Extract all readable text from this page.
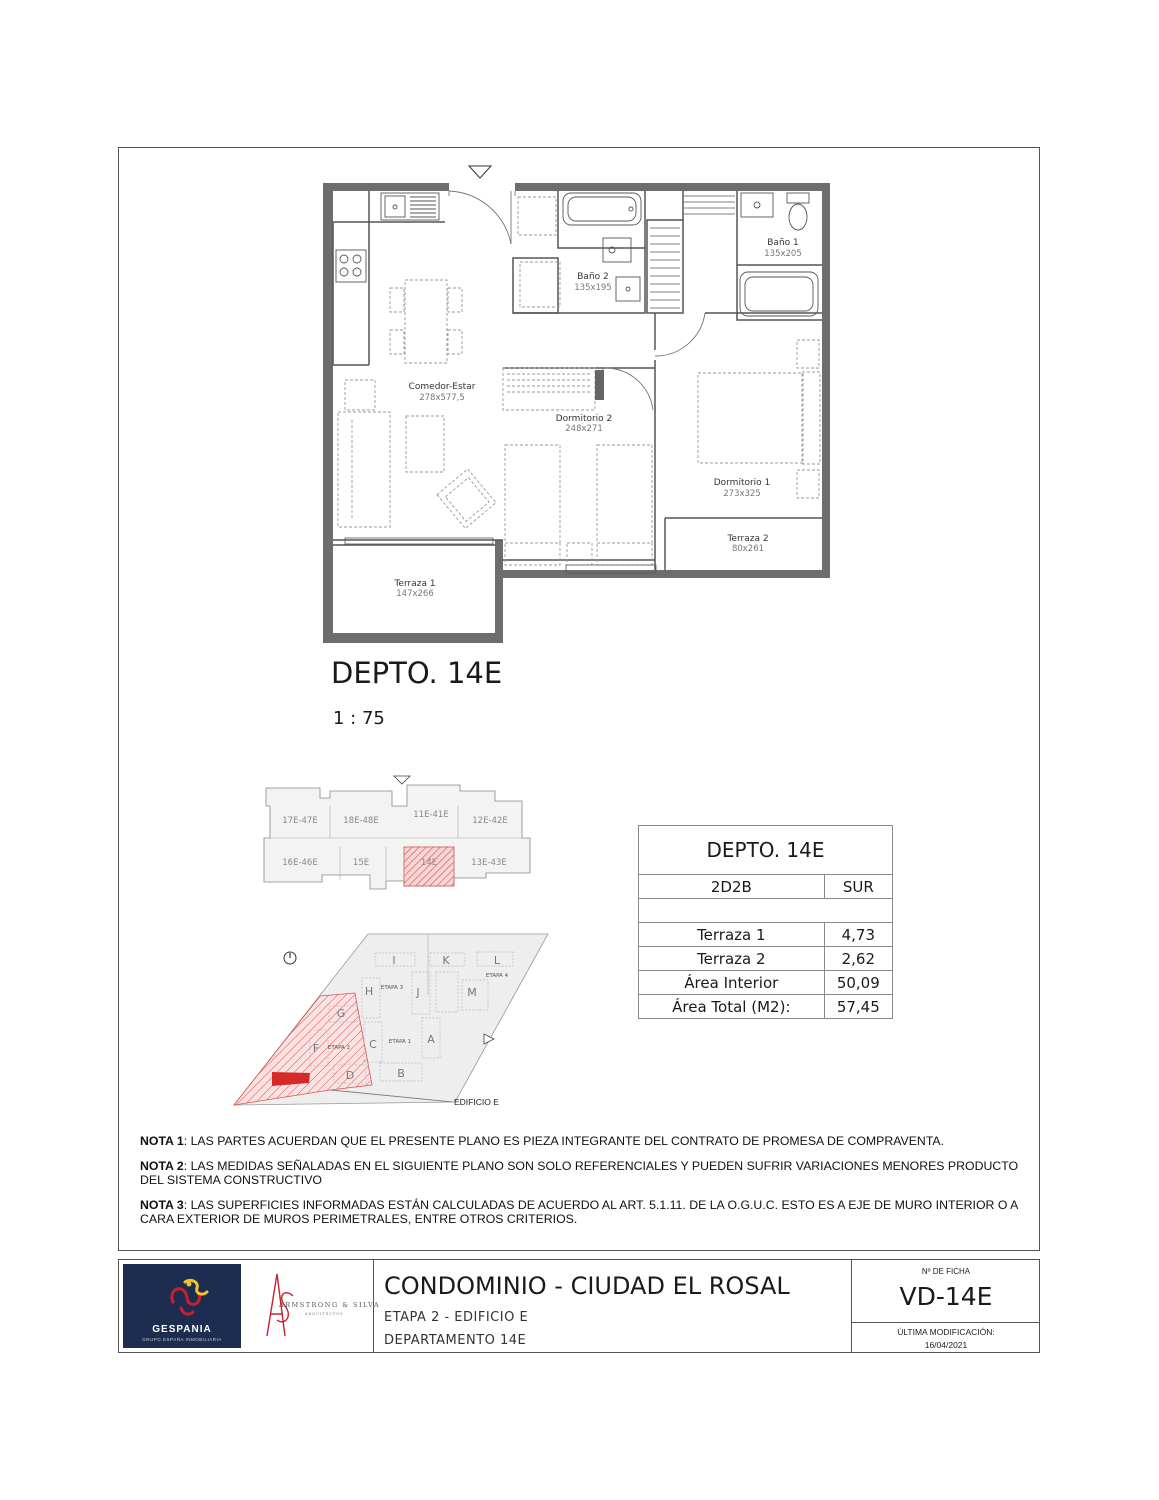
Comedor-Estar
278x577,5
Baño 2
135x195
Baño 1
135x205
Dormitorio 2
248x271
Dormitorio 1
273x325
Terraza 1
147x266
Terraza 2
80x261
17E-47E	18E-48E
11E-41E
12E-42E
16E-46E	15E	14E	13E-43E
I	K	L
H	J	M
G
C	A
F
D	B
ETAPA 3
ETAPA 4
ETAPA 2
ETAPA 1
EDIFICIO E
DEPTO. 14E
1 : 75
DEPTO. 14E	
2D2B	SUR

Terraza 1	4,73
Terraza 2	2,62
Área Interior	50,09
Área Total (M2):	57,45

NOTA 1: LAS PARTES ACUERDAN QUE EL PRESENTE PLANO ES PIEZA INTEGRANTE DEL CONTRATO DE PROMESA DE COMPRAVENTA.

NOTA 2: LAS MEDIDAS SEÑALADAS EN EL SIGUIENTE PLANO SON SOLO REFERENCIALES Y PUEDEN SUFRIR VARIACIONES MENORES PRODUCTO DEL SISTEMA CONSTRUCTIVO

NOTA 3: LAS SUPERFICIES INFORMADAS ESTÁN CALCULADAS DE ACUERDO AL ART. 5.1.11. DE LA O.G.U.C. ESTO ES A EJE DE MURO INTERIOR O A CARA EXTERIOR DE MUROS PERIMETRALES, ENTRE OTROS CRITERIOS.

GESPANIA
GRUPO ESPAÑA INMOBILIARIA
ARMSTRONG & SILVA
ARQUITECTOS
CONDOMINIO - CIUDAD EL ROSAL
ETAPA 2 - EDIFICIO E
DEPARTAMENTO 14E
Nº DE FICHA
VD-14E
ÚLTIMA MODIFICACIÓN:
16/04/2021
